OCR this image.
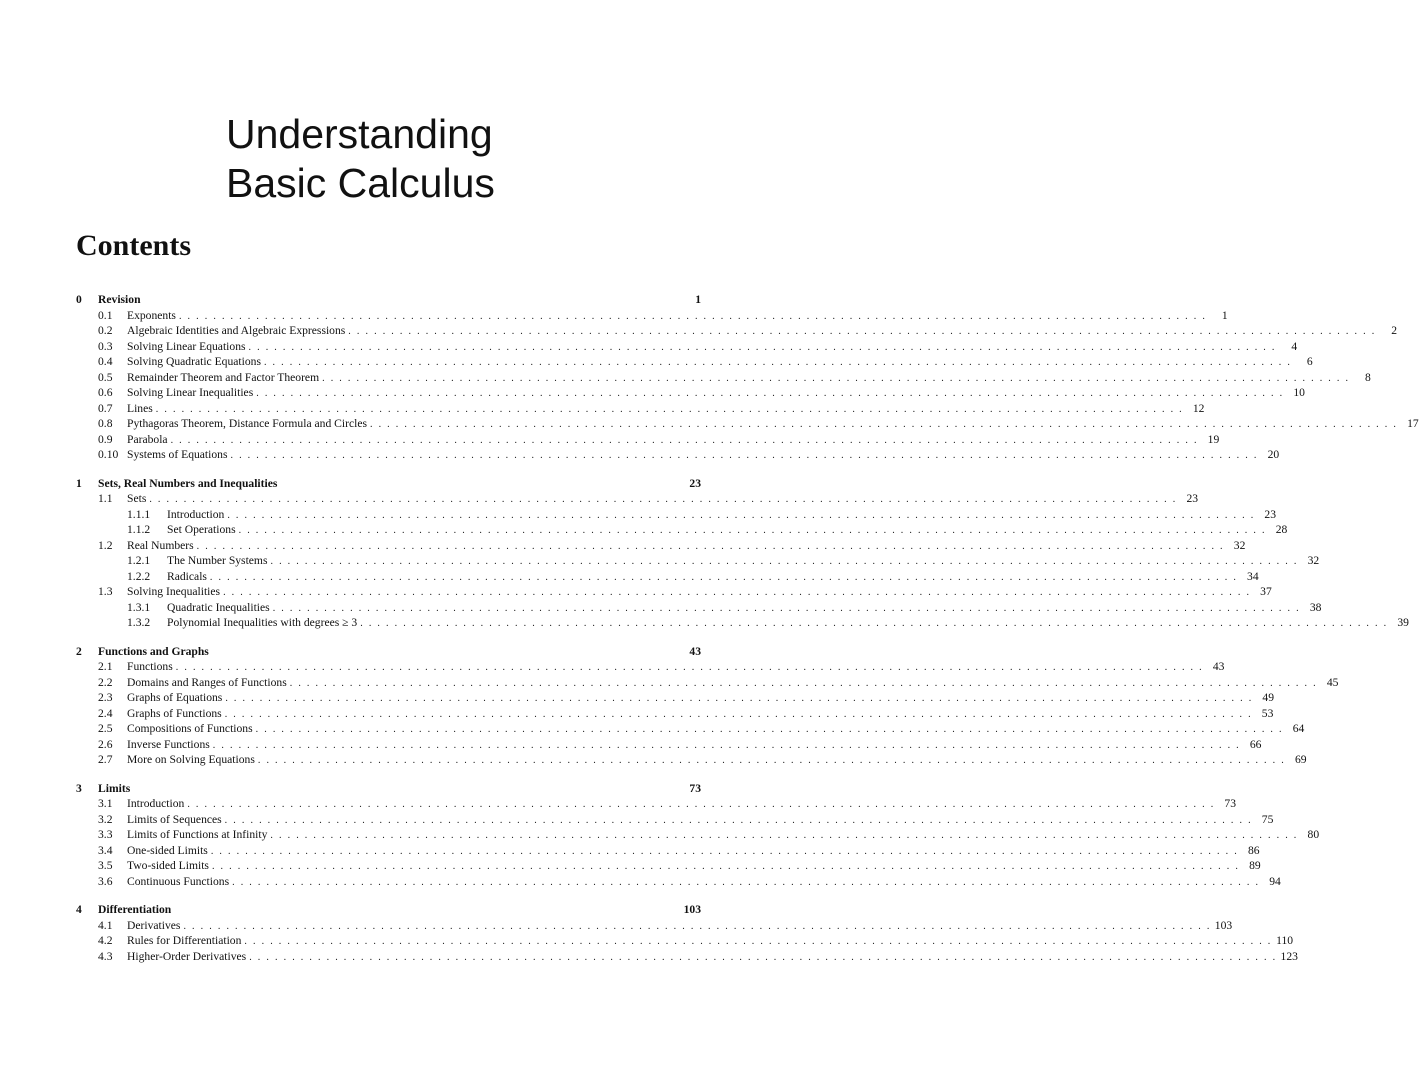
Understanding
Basic Calculus
Contents
0	Revision	1
0.1	Exponents . . . . . . . . . . . . . . . . . . . . . . . . . . . . . . . . . . . . . . . . . . . . . . . . . . . . . . . . . . . . . . . . . . . . . . . . . . . . . . . . . . . . . . . . . . . . . . . . . . . . . . . . . . . . . . . . . . . . . . . .	1
0.2	Algebraic Identities and Algebraic Expressions . . . . . . . . . . . . . . . . . . . . . . . . . . . . . . . . . . . . . . . . . . . . . . . . . . . . . . . . . . . . . . . . . . . . . . . . . . . . . . . . . . . . . . . . . . . . . . . . . . . . . . . . . . . . . . . . . . . . . . . .	2
0.3	Solving Linear Equations . . . . . . . . . . . . . . . . . . . . . . . . . . . . . . . . . . . . . . . . . . . . . . . . . . . . . . . . . . . . . . . . . . . . . . . . . . . . . . . . . . . . . . . . . . . . . . . . . . . . . . . . . . . . . . . . . . . . . . . .	4
0.4	Solving Quadratic Equations . . . . . . . . . . . . . . . . . . . . . . . . . . . . . . . . . . . . . . . . . . . . . . . . . . . . . . . . . . . . . . . . . . . . . . . . . . . . . . . . . . . . . . . . . . . . . . . . . . . . . . . . . . . . . . . . . . . . . . . .	6
0.5	Remainder Theorem and Factor Theorem . . . . . . . . . . . . . . . . . . . . . . . . . . . . . . . . . . . . . . . . . . . . . . . . . . . . . . . . . . . . . . . . . . . . . . . . . . . . . . . . . . . . . . . . . . . . . . . . . . . . . . . . . . . . . . . . . . . . . . . .	8
0.6	Solving Linear Inequalities . . . . . . . . . . . . . . . . . . . . . . . . . . . . . . . . . . . . . . . . . . . . . . . . . . . . . . . . . . . . . . . . . . . . . . . . . . . . . . . . . . . . . . . . . . . . . . . . . . . . . . . . . . . . . . . . . . . . . . . . 10
0.7	Lines . . . . . . . . . . . . . . . . . . . . . . . . . . . . . . . . . . . . . . . . . . . . . . . . . . . . . . . . . . . . . . . . . . . . . . . . . . . . . . . . . . . . . . . . . . . . . . . . . . . . . . . . . . . . . . . . . . . . . . . . 12
0.8	Pythagoras Theorem, Distance Formula and Circles . . . . . . . . . . . . . . . . . . . . . . . . . . . . . . . . . . . . . . . . . . . . . . . . . . . . . . . . . . . . . . . . . . . . . . . . . . . . . . . . . . . . . . . . . . . . . . . . . . . . . . . . . . . . . . . . . . . . . . . . 17
0.9	Parabola . . . . . . . . . . . . . . . . . . . . . . . . . . . . . . . . . . . . . . . . . . . . . . . . . . . . . . . . . . . . . . . . . . . . . . . . . . . . . . . . . . . . . . . . . . . . . . . . . . . . . . . . . . . . . . . . . . . . . . . . 19
0.10 Systems of Equations . . . . . . . . . . . . . . . . . . . . . . . . . . . . . . . . . . . . . . . . . . . . . . . . . . . . . . . . . . . . . . . . . . . . . . . . . . . . . . . . . . . . . . . . . . . . . . . . . . . . . . . . . . . . . . . . . . . . . . . . 20
1	Sets, Real Numbers and Inequalities	23
1.1	Sets . . . . . . . . . . . . . . . . . . . . . . . . . . . . . . . . . . . . . . . . . . . . . . . . . . . . . . . . . . . . . . . . . . . . . . . . . . . . . . . . . . . . . . . . . . . . . . . . . . . . . . . . . . . . . . . . . . . . . . . . 23
1.1.1	Introduction . . . . . . . . . . . . . . . . . . . . . . . . . . . . . . . . . . . . . . . . . . . . . . . . . . . . . . . . . . . . . . . . . . . . . . . . . . . . . . . . . . . . . . . . . . . . . . . . . . . . . . . . . . . . . . . . . . . . . . . . 23
1.1.2	Set Operations . . . . . . . . . . . . . . . . . . . . . . . . . . . . . . . . . . . . . . . . . . . . . . . . . . . . . . . . . . . . . . . . . . . . . . . . . . . . . . . . . . . . . . . . . . . . . . . . . . . . . . . . . . . . . . . . . . . . . . . . 28
1.2	Real Numbers . . . . . . . . . . . . . . . . . . . . . . . . . . . . . . . . . . . . . . . . . . . . . . . . . . . . . . . . . . . . . . . . . . . . . . . . . . . . . . . . . . . . . . . . . . . . . . . . . . . . . . . . . . . . . . . . . . . . . . . . 32
1.2.1	The Number Systems . . . . . . . . . . . . . . . . . . . . . . . . . . . . . . . . . . . . . . . . . . . . . . . . . . . . . . . . . . . . . . . . . . . . . . . . . . . . . . . . . . . . . . . . . . . . . . . . . . . . . . . . . . . . . . . . . . . . . . . . 32
1.2.2	Radicals . . . . . . . . . . . . . . . . . . . . . . . . . . . . . . . . . . . . . . . . . . . . . . . . . . . . . . . . . . . . . . . . . . . . . . . . . . . . . . . . . . . . . . . . . . . . . . . . . . . . . . . . . . . . . . . . . . . . . . . . 34
1.3	Solving Inequalities . . . . . . . . . . . . . . . . . . . . . . . . . . . . . . . . . . . . . . . . . . . . . . . . . . . . . . . . . . . . . . . . . . . . . . . . . . . . . . . . . . . . . . . . . . . . . . . . . . . . . . . . . . . . . . . . . . . . . . . . 37
1.3.1	Quadratic Inequalities . . . . . . . . . . . . . . . . . . . . . . . . . . . . . . . . . . . . . . . . . . . . . . . . . . . . . . . . . . . . . . . . . . . . . . . . . . . . . . . . . . . . . . . . . . . . . . . . . . . . . . . . . . . . . . . . . . . . . . . . 38
1.3.2	Polynomial Inequalities with degrees ≥ 3 . . . . . . . . . . . . . . . . . . . . . . . . . . . . . . . . . . . . . . . . . . . . . . . . . . . . . . . . . . . . . . . . . . . . . . . . . . . . . . . . . . . . . . . . . . . . . . . . . . . . . . . . . . . . . . . . . . . . . . . . 39
2	Functions and Graphs	43
2.1	Functions . . . . . . . . . . . . . . . . . . . . . . . . . . . . . . . . . . . . . . . . . . . . . . . . . . . . . . . . . . . . . . . . . . . . . . . . . . . . . . . . . . . . . . . . . . . . . . . . . . . . . . . . . . . . . . . . . . . . . . . . 43
2.2	Domains and Ranges of Functions . . . . . . . . . . . . . . . . . . . . . . . . . . . . . . . . . . . . . . . . . . . . . . . . . . . . . . . . . . . . . . . . . . . . . . . . . . . . . . . . . . . . . . . . . . . . . . . . . . . . . . . . . . . . . . . . . . . . . . . . 45
2.3	Graphs of Equations . . . . . . . . . . . . . . . . . . . . . . . . . . . . . . . . . . . . . . . . . . . . . . . . . . . . . . . . . . . . . . . . . . . . . . . . . . . . . . . . . . . . . . . . . . . . . . . . . . . . . . . . . . . . . . . . . . . . . . . . 49
2.4	Graphs of Functions . . . . . . . . . . . . . . . . . . . . . . . . . . . . . . . . . . . . . . . . . . . . . . . . . . . . . . . . . . . . . . . . . . . . . . . . . . . . . . . . . . . . . . . . . . . . . . . . . . . . . . . . . . . . . . . . . . . . . . . . 53
2.5	Compositions of Functions . . . . . . . . . . . . . . . . . . . . . . . . . . . . . . . . . . . . . . . . . . . . . . . . . . . . . . . . . . . . . . . . . . . . . . . . . . . . . . . . . . . . . . . . . . . . . . . . . . . . . . . . . . . . . . . . . . . . . . . . 64
2.6	Inverse Functions . . . . . . . . . . . . . . . . . . . . . . . . . . . . . . . . . . . . . . . . . . . . . . . . . . . . . . . . . . . . . . . . . . . . . . . . . . . . . . . . . . . . . . . . . . . . . . . . . . . . . . . . . . . . . . . . . . . . . . . . 66
2.7	More on Solving Equations . . . . . . . . . . . . . . . . . . . . . . . . . . . . . . . . . . . . . . . . . . . . . . . . . . . . . . . . . . . . . . . . . . . . . . . . . . . . . . . . . . . . . . . . . . . . . . . . . . . . . . . . . . . . . . . . . . . . . . . . 69
3	Limits	73
3.1	Introduction . . . . . . . . . . . . . . . . . . . . . . . . . . . . . . . . . . . . . . . . . . . . . . . . . . . . . . . . . . . . . . . . . . . . . . . . . . . . . . . . . . . . . . . . . . . . . . . . . . . . . . . . . . . . . . . . . . . . . . . . 73
3.2	Limits of Sequences . . . . . . . . . . . . . . . . . . . . . . . . . . . . . . . . . . . . . . . . . . . . . . . . . . . . . . . . . . . . . . . . . . . . . . . . . . . . . . . . . . . . . . . . . . . . . . . . . . . . . . . . . . . . . . . . . . . . . . . . 75
3.3	Limits of Functions at Infinity . . . . . . . . . . . . . . . . . . . . . . . . . . . . . . . . . . . . . . . . . . . . . . . . . . . . . . . . . . . . . . . . . . . . . . . . . . . . . . . . . . . . . . . . . . . . . . . . . . . . . . . . . . . . . . . . . . . . . . . . 80
3.4	One-sided Limits . . . . . . . . . . . . . . . . . . . . . . . . . . . . . . . . . . . . . . . . . . . . . . . . . . . . . . . . . . . . . . . . . . . . . . . . . . . . . . . . . . . . . . . . . . . . . . . . . . . . . . . . . . . . . . . . . . . . . . . . 86
3.5	Two-sided Limits . . . . . . . . . . . . . . . . . . . . . . . . . . . . . . . . . . . . . . . . . . . . . . . . . . . . . . . . . . . . . . . . . . . . . . . . . . . . . . . . . . . . . . . . . . . . . . . . . . . . . . . . . . . . . . . . . . . . . . . . 89
3.6	Continuous Functions . . . . . . . . . . . . . . . . . . . . . . . . . . . . . . . . . . . . . . . . . . . . . . . . . . . . . . . . . . . . . . . . . . . . . . . . . . . . . . . . . . . . . . . . . . . . . . . . . . . . . . . . . . . . . . . . . . . . . . . . 94
4	Differentiation	103
4.1	Derivatives . . . . . . . . . . . . . . . . . . . . . . . . . . . . . . . . . . . . . . . . . . . . . . . . . . . . . . . . . . . . . . . . . . . . . . . . . . . . . . . . . . . . . . . . . . . . . . . . . . . . . . . . . . . . . . . . . . . . . . . . 103
4.2	Rules for Differentiation . . . . . . . . . . . . . . . . . . . . . . . . . . . . . . . . . . . . . . . . . . . . . . . . . . . . . . . . . . . . . . . . . . . . . . . . . . . . . . . . . . . . . . . . . . . . . . . . . . . . . . . . . . . . . . . . . . . . . . . . 110
4.3	Higher-Order Derivatives . . . . . . . . . . . . . . . . . . . . . . . . . . . . . . . . . . . . . . . . . . . . . . . . . . . . . . . . . . . . . . . . . . . . . . . . . . . . . . . . . . . . . . . . . . . . . . . . . . . . . . . . . . . . . . . . . . . . . . . . 123
